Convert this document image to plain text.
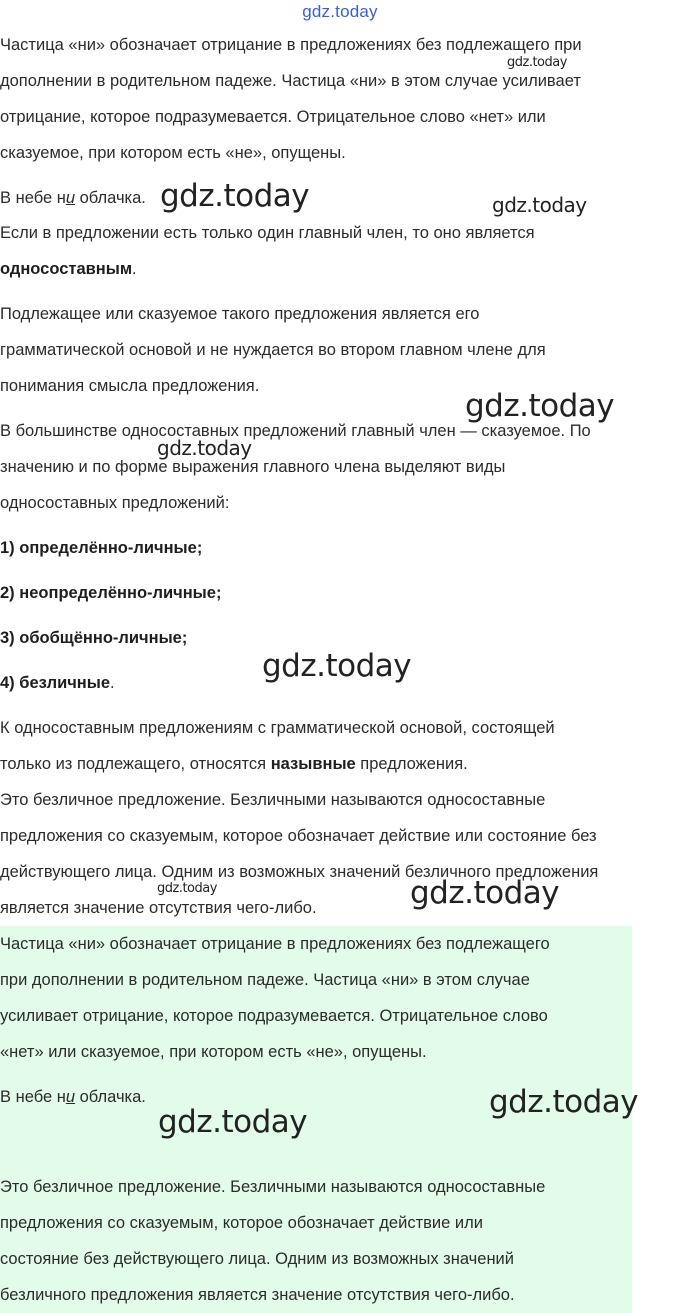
gdz.today

Частица «ни» обозначает отрицание в предложениях без подлежащего при

дополнении в родительном падеже. Частица «ни» в этом случае усиливает

отрицание, которое подразумевается. Отрицательное слово «нет» или

сказуемое, при котором есть «не», опущены.

В небе ни облачка.

Если в предложении есть только один главный член, то оно является

односоставным.

Подлежащее или сказуемое такого предложения является его

грамматической основой и не нуждается во втором главном члене для

понимания смысла предложения.

В большинстве односоставных предложений главный член — сказуемое. По

значению и по форме выражения главного члена выделяют виды

односоставных предложений:

1) определённо-личные;

2) неопределённо-личные;

3) обобщённо-личные;

4) безличные.

К односоставным предложениям с грамматической основой, состоящей

только из подлежащего, относятся назывные предложения.

Это безличное предложение. Безличными называются односоставные

предложения со сказуемым, которое обозначает действие или состояние без

действующего лица. Одним из возможных значений безличного предложения

является значение отсутствия чего-либо.

Частица «ни» обозначает отрицание в предложениях без подлежащего

при дополнении в родительном падеже. Частица «ни» в этом случае

усиливает отрицание, которое подразумевается. Отрицательное слово

«нет» или сказуемое, при котором есть «не», опущены.

В небе ни облачка.

Это безличное предложение. Безличными называются односоставные

предложения со сказуемым, которое обозначает действие или

состояние без действующего лица. Одним из возможных значений

безличного предложения является значение отсутствия чего-либо.

gdz.today
gdz.today	gdz.today
gdz.today
gdz.today
gdz.today
gdz.today	gdz.today
gdz.today
gdz.today
